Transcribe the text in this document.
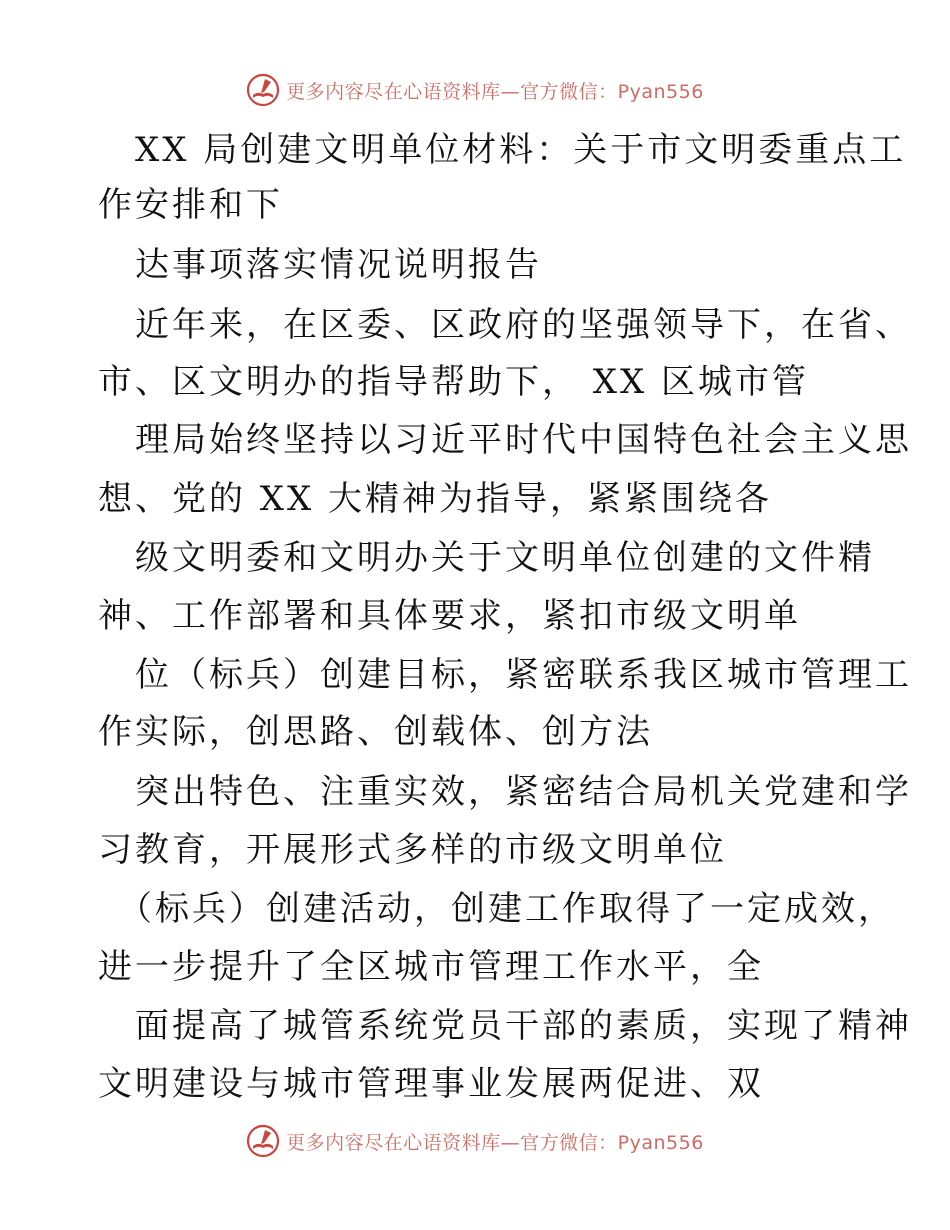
更多内容尽在心语资料库—官方微信：Pyan556
XX 局创建文明单位材料：关于市文明委重点工
作安排和下
达事项落实情况说明报告
近年来，在区委、区政府的坚强领导下，在省、
市、区文明办的指导帮助下， XX 区城市管
理局始终坚持以习近平时代中国特色社会主义思
想、党的 XX 大精神为指导，紧紧围绕各
级文明委和文明办关于文明单位创建的文件精
神、工作部署和具体要求，紧扣市级文明单
位（标兵）创建目标，紧密联系我区城市管理工
作实际，创思路、创载体、创方法
突出特色、注重实效，紧密结合局机关党建和学
习教育，开展形式多样的市级文明单位
（标兵）创建活动，创建工作取得了一定成效，
进一步提升了全区城市管理工作水平，全
面提高了城管系统党员干部的素质，实现了精神
文明建设与城市管理事业发展两促进、双
更多内容尽在心语资料库—官方微信：Pyan556
